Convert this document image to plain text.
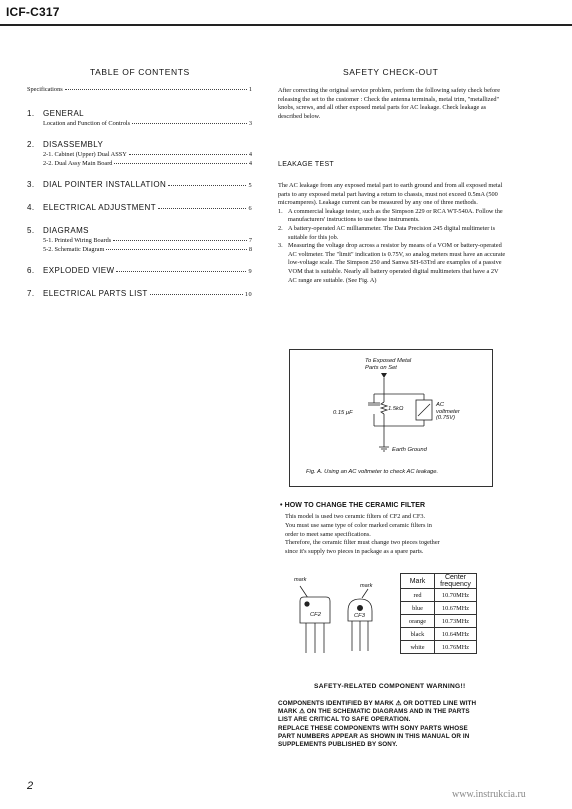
ICF-C317
TABLE OF CONTENTS
Specifications	1
1.	GENERAL
Location and Function of Controls	3
2.	DISASSEMBLY
2-1. Cabinet (Upper) Dual ASSY	4
2-2. Dual Assy Main Board	4
3.	DIAL POINTER INSTALLATION	5
4.	ELECTRICAL ADJUSTMENT	6
5.	DIAGRAMS
5-1. Printed Wiring Boards	7
5-2. Schematic Diagram	8
6.	EXPLODED VIEW	9
7.	ELECTRICAL PARTS LIST	10
SAFETY CHECK-OUT

After correcting the original service problem, perform the following safety check before releasing the set to the customer : Check the antenna terminals, metal trim, "metallized" knobs, screws, and all other exposed metal parts for AC leakage. Check leakage as described below.

LEAKAGE TEST

The AC leakage from any exposed metal part to earth ground and from all exposed metal parts to any exposed metal part having a return to chassis, must not exceed 0.5mA (500 microamperes). Leakage current can be measured by any one of three methods.

1. A commercial leakage tester, such as the Simpson 229 or RCA WT-540A. Follow the manufacturers' instructions to use these instruments.
2. A battery-operated AC milliammeter. The Data Precision 245 digital multimeter is suitable for this job.
3. Measuring the voltage drop across a resistor by means of a VOM or battery-operated AC voltmeter. The "limit" indication is 0.75V, so analog meters must have an accurate low-voltage scale. The Simpson 250 and Sanwa SH-63Trd are examples of a passive VOM that is suitable. Nearly all battery operated digital multimeters that have a 2V AC range are suitable. (See Fig. A)
To Exposed Metal
Parts on Set
0.15 μF
1.5kΩ
AC
voltmeter
(0.75V)
Earth Ground
Fig. A. Using an AC voltmeter to check AC leakage.
• HOW TO CHANGE THE CERAMIC FILTER
This model is used two ceramic filters of CF2 and CF3.
You must use same type of color marked ceramic filters in
order to meet same specifications.
Therefore, the ceramic filter must change two pieces together
since it's supply two pieces in package as a spare parts.
mark
mark
CF2	CF3
Mark	Center
frequency

red	10.70MHz
blue	10.67MHz
orange	10.73MHz
black	10.64MHz
white	10.76MHz
SAFETY-RELATED COMPONENT WARNING!!
COMPONENTS IDENTIFIED BY MARK ⚠ OR DOTTED LINE WITH
MARK ⚠ ON THE SCHEMATIC DIAGRAMS AND IN THE PARTS
LIST ARE CRITICAL TO SAFE OPERATION.
REPLACE THESE COMPONENTS WITH SONY PARTS WHOSE
PART NUMBERS APPEAR AS SHOWN IN THIS MANUAL OR IN
SUPPLEMENTS PUBLISHED BY SONY.
2
www.instrukcia.ru
